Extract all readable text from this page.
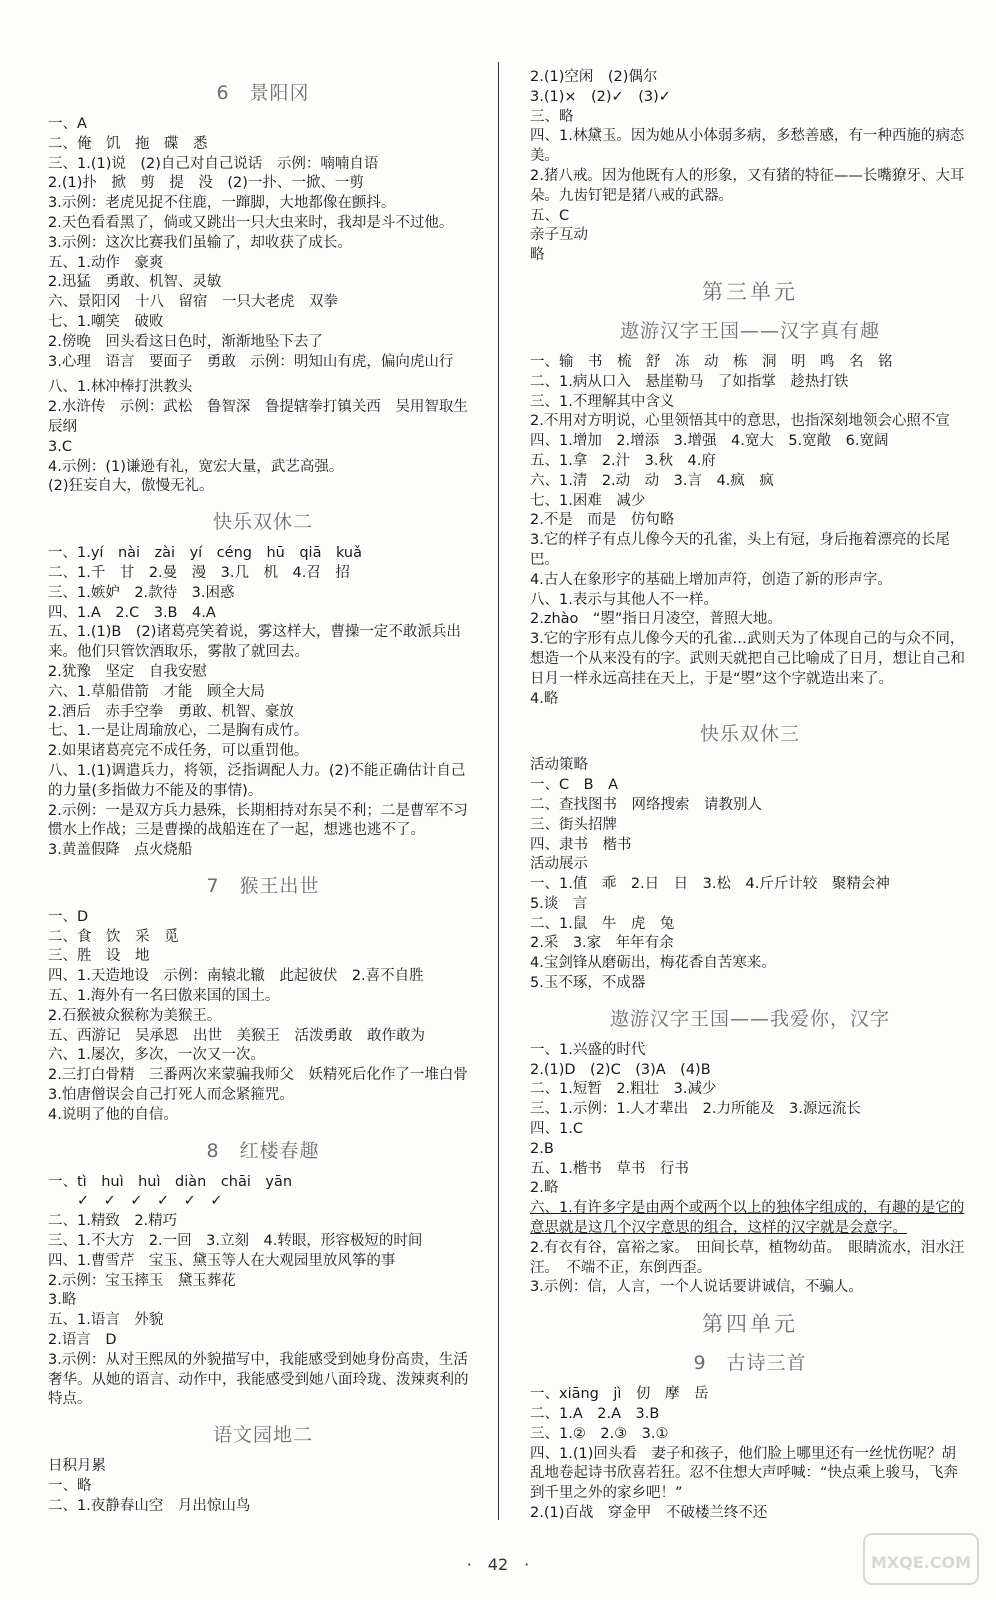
6　景阳冈
一、A
二、俺　饥　拖　碟　悉
三、1.(1)说　(2)自己对自己说话　示例：喃喃自语
2.(1)扑　掀　剪　提　没　(2)一扑、一掀、一剪
3.示例：老虎见捉不住鹿，一蹿脚，大地都像在颤抖。
2.天色看看黑了，倘或又跳出一只大虫来时，我却是斗不过他。
3.示例：这次比赛我们虽输了，却收获了成长。
五、1.动作　豪爽
2.迅猛　勇敢、机智、灵敏
六、景阳冈　十八　留宿　一只大老虎　双拳
七、1.嘲笑　破败
2.傍晚　回头看这日色时，渐渐地坠下去了
3.心理　语言　要面子　勇敢　示例：明知山有虎，偏向虎山行
八、1.林冲棒打洪教头
2.水浒传　示例：武松　鲁智深　鲁提辖拳打镇关西　吴用智取生辰纲
3.C
4.示例：(1)谦逊有礼，宽宏大量，武艺高强。
(2)狂妄自大，傲慢无礼。
快乐双休二
一、1.yí　nài　zài　yí　céng　hū　qiā　kuǎ
二、1.千　甘　2.曼　漫　3.几　机　4.召　招
三、1.嫉妒　2.款待　3.困惑
四、1.A　2.C　3.B　4.A
五、1.(1)B　(2)诸葛亮笑着说，雾这样大，曹操一定不敢派兵出来。他们只管饮酒取乐，雾散了就回去。
2.犹豫　坚定　自我安慰
六、1.草船借箭　才能　顾全大局
2.酒后　赤手空拳　勇敢、机智、豪放
七、1.一是让周瑜放心，二是胸有成竹。
2.如果诸葛亮完不成任务，可以重罚他。
八、1.(1)调遣兵力，将领，泛指调配人力。(2)不能正确估计自己的力量(多指做力不能及的事情)。
2.示例：一是双方兵力悬殊，长期相持对东吴不利；二是曹军不习惯水上作战；三是曹操的战船连在了一起，想逃也逃不了。
3.黄盖假降　点火烧船
7　猴王出世
一、D
二、食　饮　采　觅
三、胜　设　地
四、1.天造地设　示例：南辕北辙　此起彼伏　2.喜不自胜
五、1.海外有一名曰傲来国的国土。
2.石猴被众猴称为美猴王。
五、西游记　吴承恩　出世　美猴王　活泼勇敢　敢作敢为
六、1.屡次，多次，一次又一次。
2.三打白骨精　三番两次来蒙骗我师父　妖精死后化作了一堆白骨
3.怕唐僧误会自己打死人而念紧箍咒。
4.说明了他的自信。
8　红楼春趣
一、tì　huì　huì　diàn　chāi　yān
　　✓　✓　✓　✓　✓　✓
二、1.精致　2.精巧
三、1.不大方　2.一回　3.立刻　4.转眼，形容极短的时间
四、1.曹雪芹　宝玉、黛玉等人在大观园里放风筝的事
2.示例：宝玉摔玉　黛玉葬花
3.略
五、1.语言　外貌
2.语言　D
3.示例：从对王熙凤的外貌描写中，我能感受到她身份高贵，生活奢华。从她的语言、动作中，我能感受到她八面玲珑、泼辣爽利的特点。
语文园地二
日积月累
一、略
二、1.夜静春山空　月出惊山鸟
2.(1)空闲　(2)偶尔
3.(1)×　(2)✓　(3)✓
三、略
四、1.林黛玉。因为她从小体弱多病，多愁善感，有一种西施的病态美。
2.猪八戒。因为他既有人的形象，又有猪的特征——长嘴獠牙、大耳朵。九齿钉钯是猪八戒的武器。
五、C
亲子互动
略
第三单元
遨游汉字王国——汉字真有趣
一、输　书　梳　舒　冻　动　栋　洞　明　鸣　名　铭
二、1.病从口入　悬崖勒马　了如指掌　趁热打铁
三、1.不理解其中含义
2.不用对方明说，心里领悟其中的意思，也指深刻地领会心照不宣
四、1.增加　2.增添　3.增强　4.宽大　5.宽敞　6.宽阔
五、1.拿　2.汁　3.秋　4.府
六、1.清　2.动　动　3.言　4.疯　疯
七、1.困难　减少
2.不是　而是　仿句略
3.它的样子有点儿像今天的孔雀，头上有冠，身后拖着漂亮的长尾巴。
4.古人在象形字的基础上增加声符，创造了新的形声字。
八、1.表示与其他人不一样。
2.zhào　“曌”指日月凌空，普照大地。
3.它的字形有点儿像今天的孔雀…武则天为了体现自己的与众不同，想造一个从来没有的字。武则天就把自己比喻成了日月，想让自己和日月一样永远高挂在天上，于是“曌”这个字就造出来了。
4.略
快乐双休三
活动策略
一、C　B　A
二、查找图书　网络搜索　请教别人
三、街头招牌
四、隶书　楷书
活动展示
一、1.值　乖　2.日　日　3.松　4.斤斤计较　聚精会神
5.谈　言
二、1.鼠　牛　虎　兔
2.采　3.家　年年有余
4.宝剑锋从磨砺出，梅花香自苦寒来。
5.玉不琢，不成器
遨游汉字王国——我爱你，汉字
一、1.兴盛的时代
2.(1)D　(2)C　(3)A　(4)B
二、1.短暂　2.粗壮　3.减少
三、1.示例：1.人才辈出　2.力所能及　3.源远流长
四、1.C
2.B
五、1.楷书　草书　行书
2.略
六、1.有许多字是由两个或两个以上的独体字组成的，有趣的是它的意思就是这几个汉字意思的组合，这样的汉字就是会意字。
2.有衣有谷，富裕之家。　田间长草，植物幼苗。　眼睛流水，泪水汪汪。　不端不正，东倒西歪。
3.示例：信，人言，一个人说话要讲诚信，不骗人。
第四单元
9　古诗三首
一、xiāng　jì　仞　摩　岳
二、1.A　2.A　3.B
三、1.②　2.③　3.①
四、1.(1)回头看　妻子和孩子，他们脸上哪里还有一丝忧伤呢？胡乱地卷起诗书欣喜若狂。忍不住想大声呼喊：“快点乘上骏马，飞奔到千里之外的家乡吧！”
2.(1)百战　穿金甲　不破楼兰终不还
·　42　·	MXQE.COM
